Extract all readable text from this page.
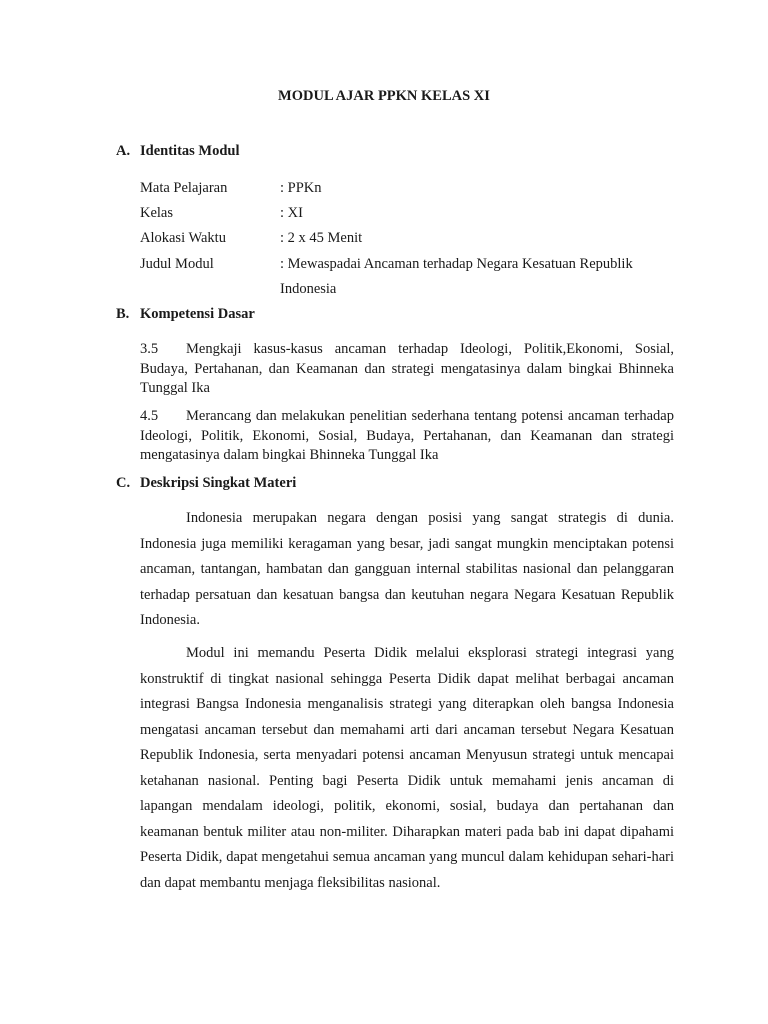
MODUL AJAR PPKN KELAS XI
A. Identitas Modul
Mata Pelajaran	: PPKn
Kelas	: XI
Alokasi Waktu	: 2 x 45 Menit
Judul Modul	: Mewaspadai Ancaman terhadap Negara Kesatuan Republik
Indonesia
B. Kompetensi Dasar
3.5 Mengkaji kasus-kasus ancaman terhadap Ideologi, Politik,Ekonomi, Sosial, Budaya, Pertahanan, dan Keamanan dan strategi mengatasinya dalam bingkai Bhinneka Tunggal Ika
4.5 Merancang dan melakukan penelitian sederhana tentang potensi ancaman terhadap Ideologi, Politik, Ekonomi, Sosial, Budaya, Pertahanan, dan Keamanan dan strategi mengatasinya dalam bingkai Bhinneka Tunggal Ika
C. Deskripsi Singkat Materi
Indonesia merupakan negara dengan posisi yang sangat strategis di dunia. Indonesia juga memiliki keragaman yang besar, jadi sangat mungkin menciptakan potensi ancaman, tantangan, hambatan dan gangguan internal stabilitas nasional dan pelanggaran terhadap persatuan dan kesatuan bangsa dan keutuhan negara Negara Kesatuan Republik Indonesia.
Modul ini memandu Peserta Didik melalui eksplorasi strategi integrasi yang konstruktif di tingkat nasional sehingga Peserta Didik dapat melihat berbagai ancaman integrasi Bangsa Indonesia menganalisis strategi yang diterapkan oleh bangsa Indonesia mengatasi ancaman tersebut dan memahami arti dari ancaman tersebut Negara Kesatuan Republik Indonesia, serta menyadari potensi ancaman Menyusun strategi untuk mencapai ketahanan nasional. Penting bagi Peserta Didik untuk memahami jenis ancaman di lapangan mendalam ideologi, politik, ekonomi, sosial, budaya dan pertahanan dan keamanan bentuk militer atau non-militer. Diharapkan materi pada bab ini dapat dipahami Peserta Didik, dapat mengetahui semua ancaman yang muncul dalam kehidupan sehari-hari dan dapat membantu menjaga fleksibilitas nasional.
